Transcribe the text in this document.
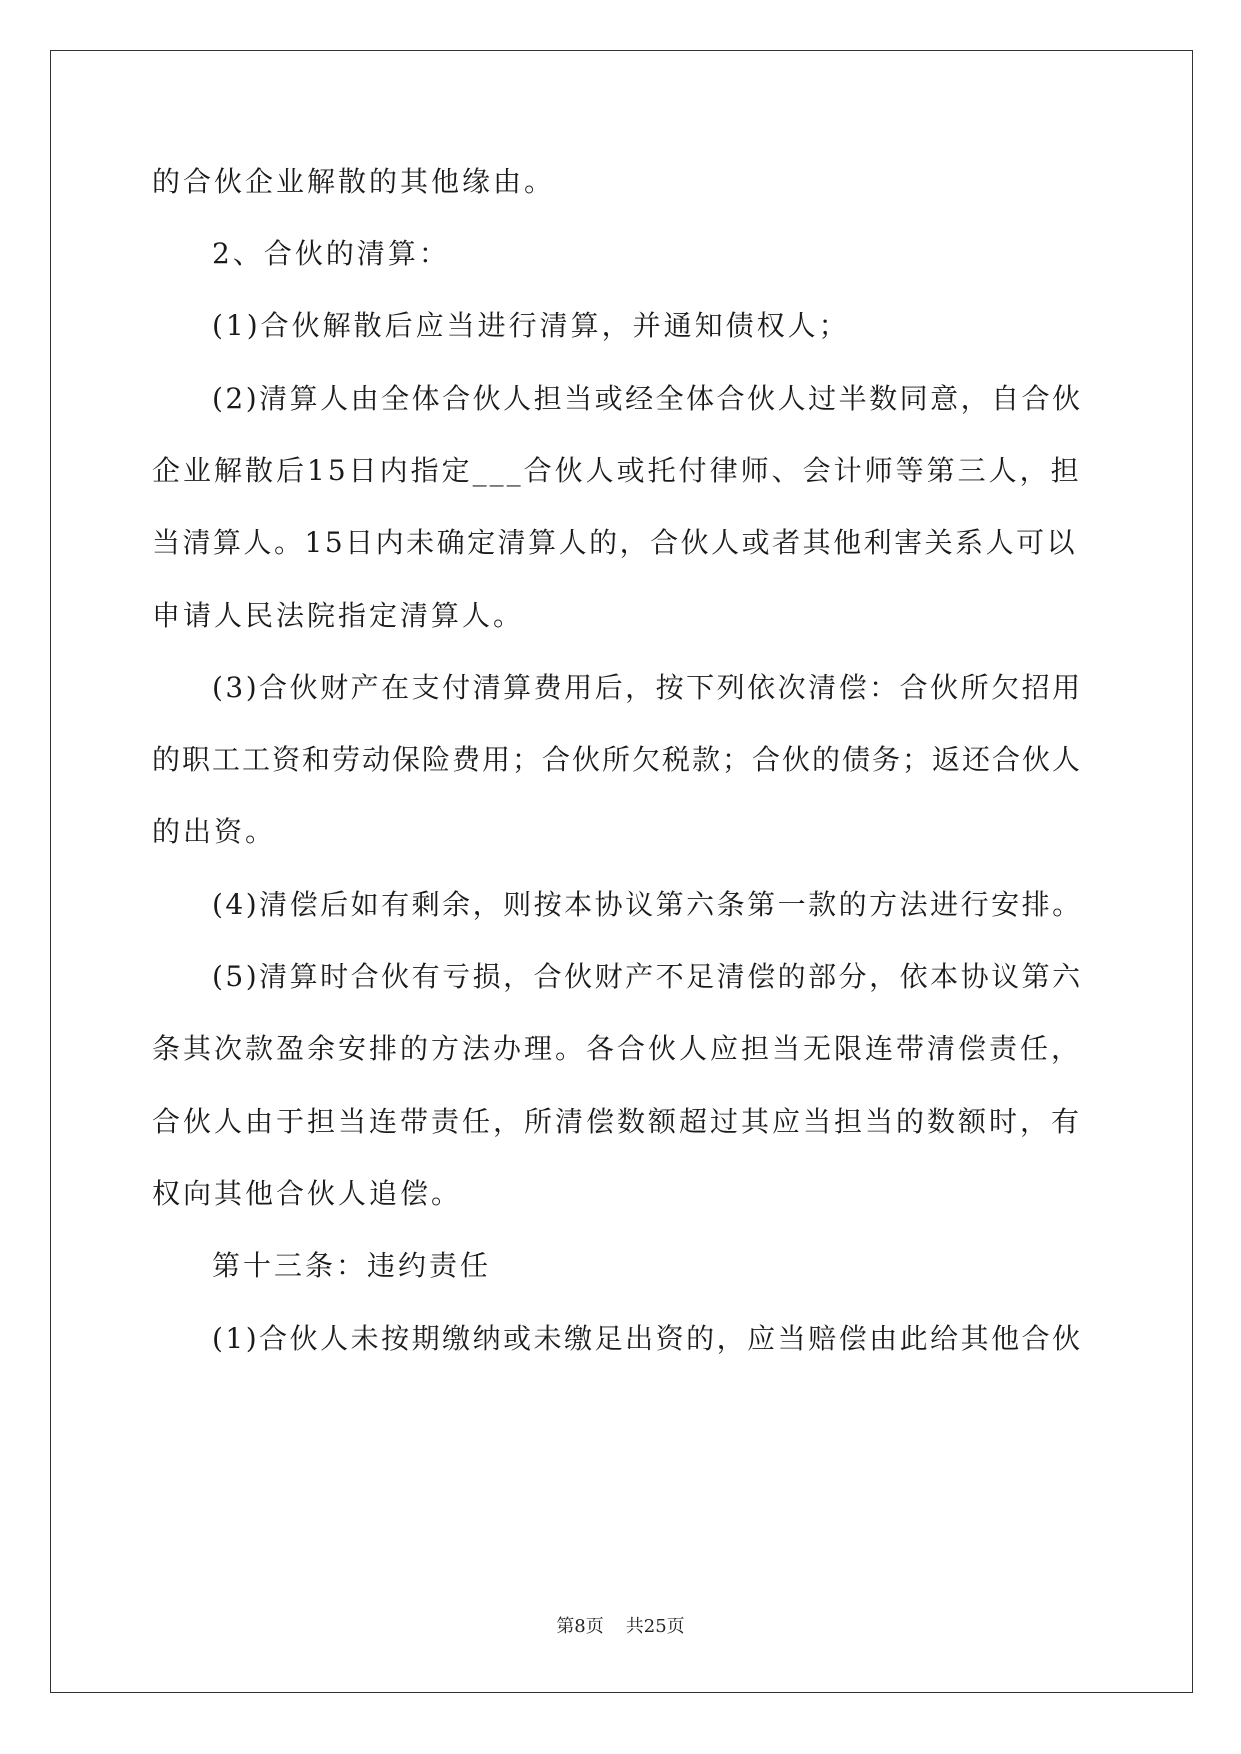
的合伙企业解散的其他缘由。
2、合伙的清算：
(1)合伙解散后应当进行清算，并通知债权人；
(2)清算人由全体合伙人担当或经全体合伙人过半数同意，自合伙
企业解散后15日内指定___合伙人或托付律师、会计师等第三人，担
当清算人。15日内未确定清算人的，合伙人或者其他利害关系人可以
申请人民法院指定清算人。
(3)合伙财产在支付清算费用后，按下列依次清偿：合伙所欠招用
的职工工资和劳动保险费用；合伙所欠税款；合伙的债务；返还合伙人
的出资。
(4)清偿后如有剩余，则按本协议第六条第一款的方法进行安排。
(5)清算时合伙有亏损，合伙财产不足清偿的部分，依本协议第六
条其次款盈余安排的方法办理。各合伙人应担当无限连带清偿责任，
合伙人由于担当连带责任，所清偿数额超过其应当担当的数额时，有
权向其他合伙人追偿。
第十三条：违约责任
(1)合伙人未按期缴纳或未缴足出资的，应当赔偿由此给其他合伙
第8页 共25页
